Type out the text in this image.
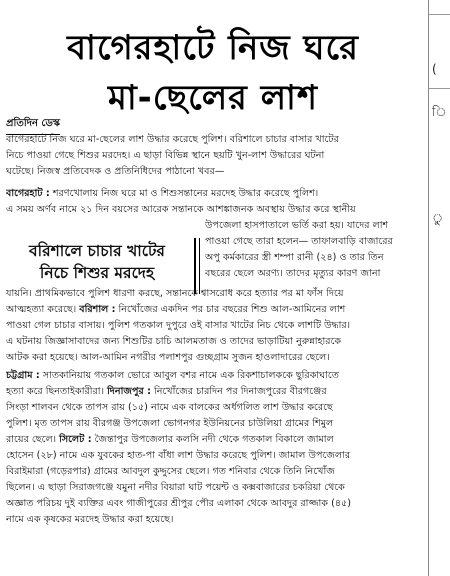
বাগেরহাটে নিজ ঘরে
মা-ছেলের লাশ
প্রতিদিন ডেস্ক
বাগেরহাটে নিজ ঘরে মা-ছেলের লাশ উদ্ধার করেছে পুলিশ। বরিশালে চাচার বাসার খাটের
নিচে পাওয়া গেছে শিশুর মরদেহ। এ ছাড়া বিভিন্ন স্থানে ছয়টি খুন-লাশ উদ্ধারের ঘটনা
ঘটেছে। নিজস্ব প্রতিবেদক ও প্রতিনিধিদের পাঠানো খবর—
বাগেরহাট : শরণখোলায় নিজ ঘরে মা ও শিশুসন্তানের মরদেহ উদ্ধার করেছে পুলিশ।
এ সময় অর্ণব নামে ২১ দিন বয়সের আরেক সন্তানকে আশঙ্কাজনক অবস্থায় উদ্ধার করে স্থানীয়
উপজেলা হাসপাতালে ভর্তি করা হয়। যাদের লাশ
বরিশালে চাচার খাটের
নিচে শিশুর মরদেহ
পাওয়া গেছে তারা হলেন— তাফালবাড়ি বাজারের
অপু কর্মকারের স্ত্রী শম্পা রানী (২৪) ও তার তিন
বছরের ছেলে অরণ্য। তাদের মৃত্যুর কারণ জানা
যায়নি। প্রাথমিকভাবে পুলিশ ধারণা করছে, সন্তানকে শ্বাসরোধ করে হত্যার পর মা ফাঁস দিয়ে
আত্মহত্যা করেছে। বরিশাল : নিখোঁজের একদিন পর চার বছরের শিশু আল-আমিনের লাশ
পাওয়া গেল চাচার বাসায়। পুলিশ গতকাল দুপুরে ওই বাসার খাটের নিচ থেকে লাশটি উদ্ধার।
এ ঘটনায় জিজ্ঞাসাবাদের জন্য শিশুটির চাচি আলমতাজ ও তাদের ভাড়াটিয়া নুরুন্নাহারকে
আটক করা হয়েছে। আল-আমিন নগরীর পলাশপুর গুচ্ছগ্রাম সুজন হাওলাদারের ছেলে।
চট্টগ্রাম : সাতকানিয়ায় গতকাল ভোরে আবুল বশর নামে এক রিকশাচালককে ছুরিকাঘাতে
হত্যা করে ছিনতাইকারীরা। দিনাজপুর : নিখোঁজের চারদিন পর দিনাজপুরের বীরগঞ্জের
সিংড়া শালবন থেকে তাপস রায় (১৫) নামে এক বালকের অর্ধগলিত লাশ উদ্ধার করেছে
পুলিশ। মৃত তাপস রায় বীরগঞ্জ উপজেলা ভোগনগর ইউনিয়নের চাউলিয়া গ্রামের শিমুল
রায়ের ছেলে। সিলেট : জৈন্তাপুর উপজেলার কলসি নদী থেকে গতকাল বিকালে জামাল
হোসেন (২৮) নামে এক যুবকের হাত-পা বাঁধা লাশ উদ্ধার করেছে পুলিশ। জামাল উপজেলার
বিরাইমারা (গড়েরপার) গ্রামের আবদুল কুদ্দুসের ছেলে। গত শনিবার থেকে তিনি নিখোঁজ
ছিলেন। এ ছাড়া সিরাজগঞ্জে যমুনা নদীর বিয়ারা ঘাট পয়েন্ট ও কক্সবাজারের চকরিয়া থেকে
অজ্ঞাত পরিচয় দুই ব্যক্তির এবং গাজীপুরের শ্রীপুর পৌর এলাকা থেকে আবদুর রাজ্জাক (৪৫)
নামে এক কৃষকের মরদেহ উদ্ধার করা হয়েছে।
(
ি
ু
